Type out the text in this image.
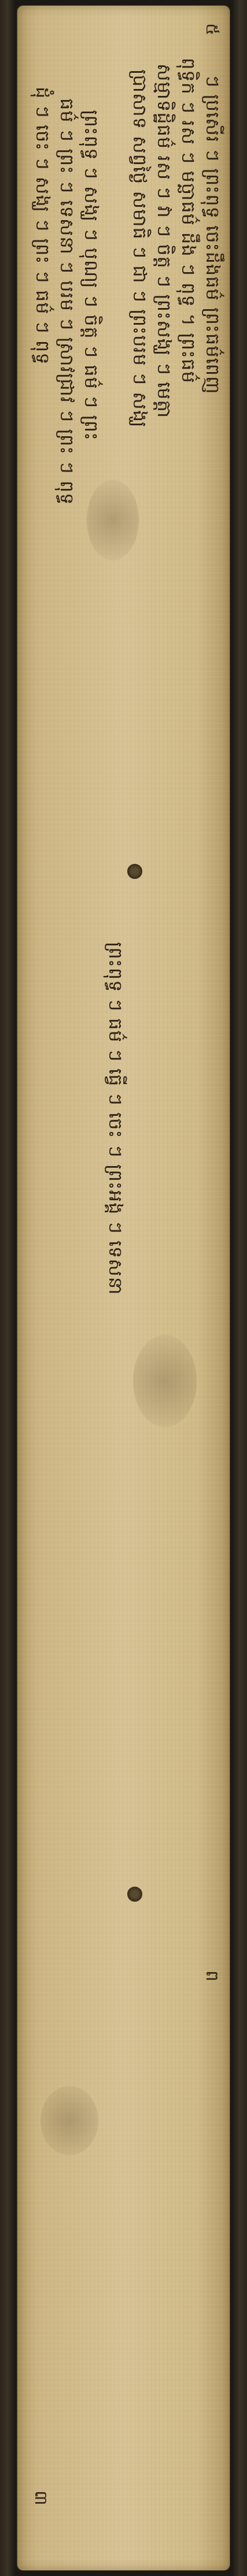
ៗ ប្រសើរ ៗ ព្រះពុទ្ធ ចេះដឹងធម៌ ព្រះធម៌ពេញ
ពុទ្ធិក ៗ រស ៗ មច្ឆាធម៌ ដឹង ៗ ពុទ្ធ ។ ព្រះធម៌
សម្មាទិដ្ឋិធម៌ រស ៗ វា ៗ ចិត្ត ៗ ព្រះសង្ឃ ៗ មេត្តា
ប្រាសាទ សព្វថ្ងៃ សមាធិ ៗ ជា ៗ ព្រះបរម ៗ សង្ឃ
ព្រះពុទ្ធ ៗ ធម៌ ៗ ធ្វើ ៗ ចេះ ៗ ព្រះអង្គ ៗ ទេសនា
ព្រះពុទ្ធ ៗ សង្ឃ ៗ បុណ្យ ៗ ចិត្ត ៗ ធម៌ ៗ ព្រះ
ធម៌ ៗ ព្រះ ៗ ទេសនា ៗ បរម ៗ ស្រាវជ្រាវ ៗ ព្រះ ៗ ពុទ្ធ
ដុំ ៗ ចេះ ៗ សង្ឃ ៗ ព្រះ ៗ ធម៌ ៗ ពុទ្ធ
៥
ព
៣
